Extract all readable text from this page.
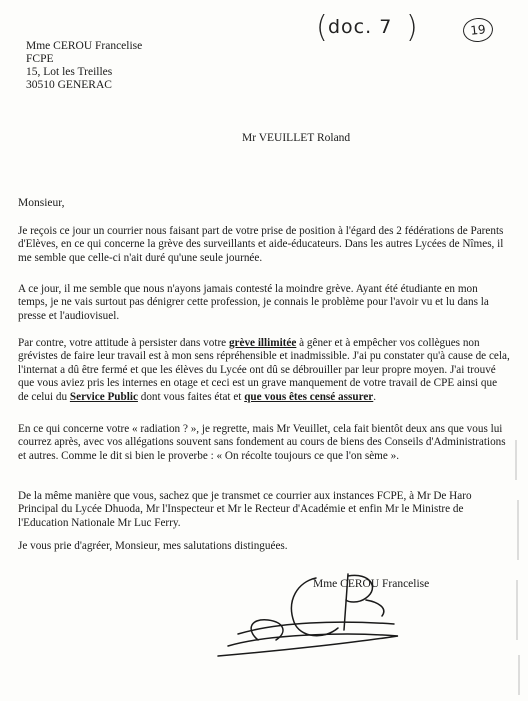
( doc. 7 )	19
Mme CEROU Francelise
FCPE
15, Lot les Treilles
30510 GENERAC
Mr VEUILLET Roland
Monsieur,
Je reçois ce jour un courrier nous faisant part de votre prise de position à l'égard des 2 fédérations de Parents d'Elèves, en ce qui concerne la grève des surveillants et aide-éducateurs. Dans les autres Lycées de Nîmes, il me semble que celle-ci n'ait duré qu'une seule journée.
A ce jour, il me semble que nous n'ayons jamais contesté la moindre grève. Ayant été étudiante en mon temps, je ne vais surtout pas dénigrer cette profession, je connais le problème pour l'avoir vu et lu dans la presse et l'audiovisuel.
Par contre, votre attitude à persister dans votre grève illimitée à gêner et à empêcher vos collègues non grévistes de faire leur travail est à mon sens répréhensible et inadmissible. J'ai pu constater qu'à cause de cela, l'internat a dû être fermé et que les élèves du Lycée ont dû se débrouiller par leur propre moyen. J'ai trouvé que vous aviez pris les internes en otage et ceci est un grave manquement de votre travail de CPE ainsi que de celui du Service Public dont vous faites état et que vous êtes censé assurer.
En ce qui concerne votre « radiation ? », je regrette, mais Mr Veuillet, cela fait bientôt deux ans que vous lui courrez après, avec vos allégations souvent sans fondement au cours de biens des Conseils d'Administrations et autres. Comme le dit si bien le proverbe : « On récolte toujours ce que l'on sème ».
De la même manière que vous, sachez que je transmet ce courrier aux instances FCPE, à Mr De Haro Principal du Lycée Dhuoda, Mr l'Inspecteur et Mr le Recteur d'Académie et enfin Mr le Ministre de l'Education Nationale Mr Luc Ferry.
Je vous prie d'agréer, Monsieur, mes salutations distinguées.
Mme CEROU Francelise
